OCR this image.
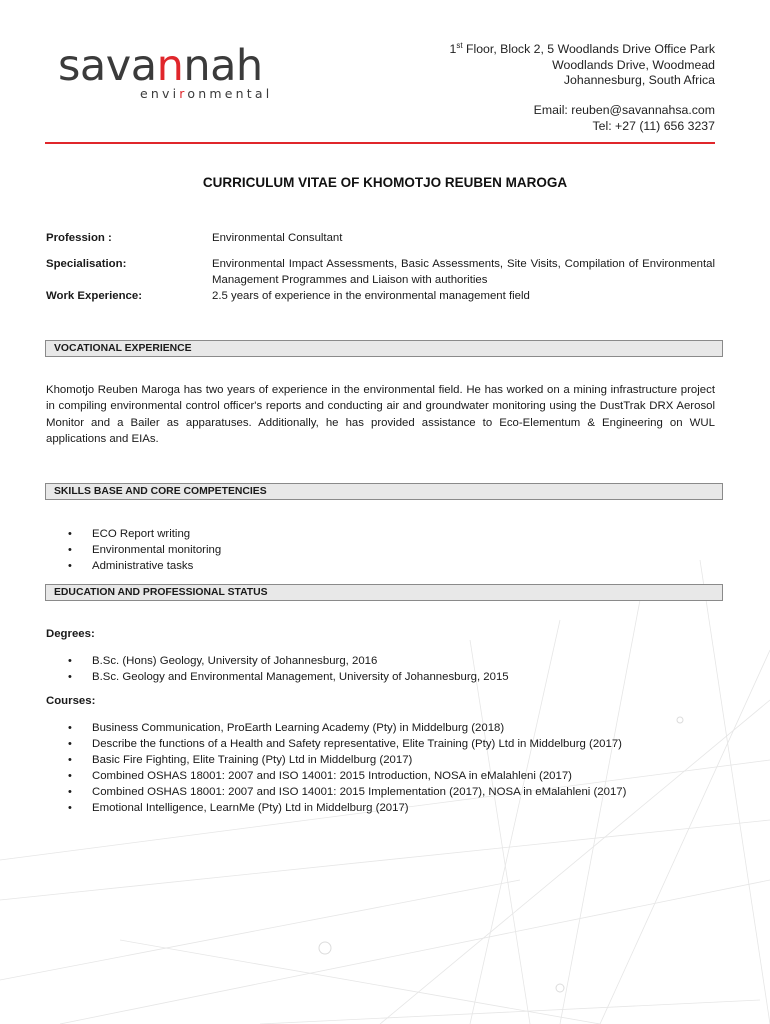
savannah
environmental
1st Floor, Block 2, 5 Woodlands Drive Office Park
Woodlands Drive, Woodmead
Johannesburg, South Africa
Email: reuben@savannahsa.com
Tel: +27 (11) 656 3237
CURRICULUM VITAE OF KHOMOTJO REUBEN MAROGA
Profession :	Environmental Consultant
Specialisation:	Environmental Impact Assessments, Basic Assessments, Site Visits, Compilation of Environmental Management Programmes and Liaison with authorities
Work Experience:	2.5 years of experience in the environmental management field
VOCATIONAL EXPERIENCE

Khomotjo Reuben Maroga has two years of experience in the environmental field. He has worked on a mining infrastructure project in compiling environmental control officer's reports and conducting air and groundwater monitoring using the DustTrak DRX Aerosol Monitor and a Bailer as apparatuses. Additionally, he has provided assistance to Eco-Elementum & Engineering on WUL applications and EIAs.

SKILLS BASE AND CORE COMPETENCIES
• ECO Report writing
• Environmental monitoring
• Administrative tasks
EDUCATION AND PROFESSIONAL STATUS
Degrees:
• B.Sc. (Hons) Geology, University of Johannesburg, 2016
• B.Sc. Geology and Environmental Management, University of Johannesburg, 2015
Courses:
• Business Communication, ProEarth Learning Academy (Pty) in Middelburg (2018)
• Describe the functions of a Health and Safety representative, Elite Training (Pty) Ltd in Middelburg (2017)
• Basic Fire Fighting, Elite Training (Pty) Ltd in Middelburg (2017)
• Combined OSHAS 18001: 2007 and ISO 14001: 2015 Introduction, NOSA in eMalahleni (2017)
• Combined OSHAS 18001: 2007 and ISO 14001: 2015 Implementation (2017), NOSA in eMalahleni (2017)
• Emotional Intelligence, LearnMe (Pty) Ltd in Middelburg (2017)
